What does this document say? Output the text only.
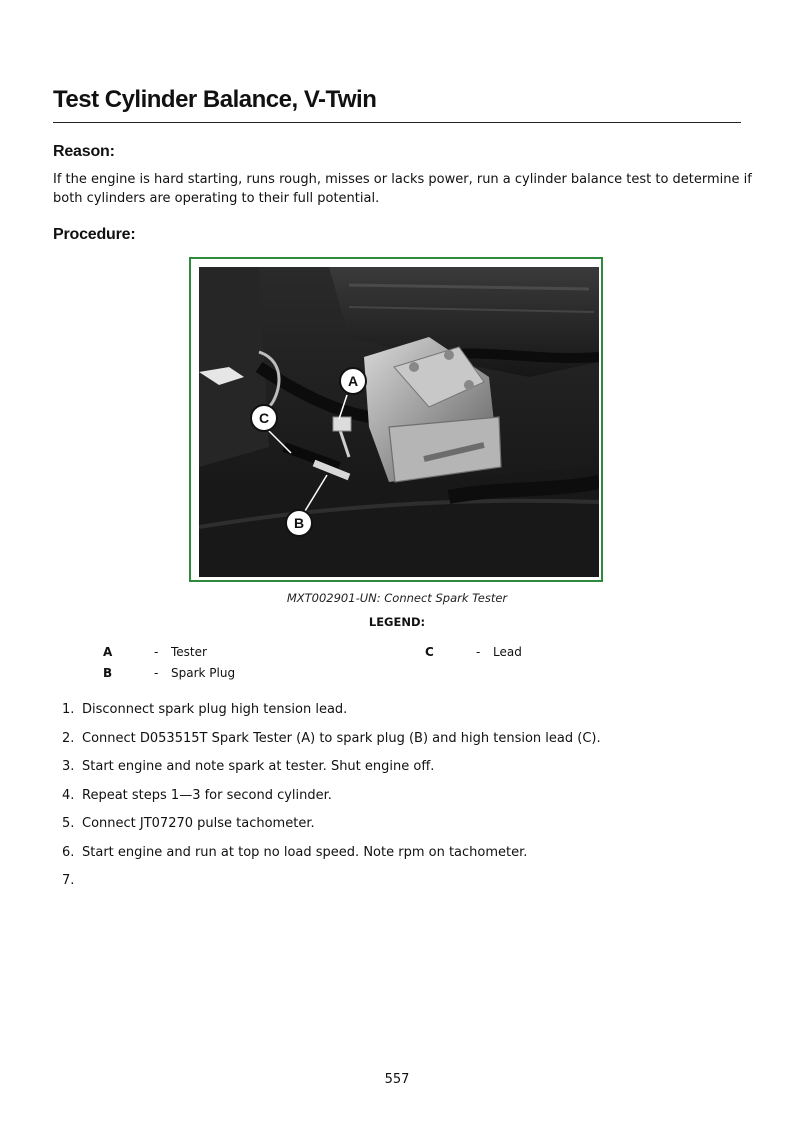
Test Cylinder Balance, V-Twin
Reason:

If the engine is hard starting, runs rough, misses or lacks power, run a cylinder balance test to determine if both cylinders are operating to their full potential.

Procedure:
A
C
B
MXT002901-UN: Connect Spark Tester
LEGEND:
A	- Tester
B	- Spark Plug
C	- Lead
1. Disconnect spark plug high tension lead.
2. Connect D053515T Spark Tester (A) to spark plug (B) and high tension lead (C).
3. Start engine and note spark at tester. Shut engine off.
4. Repeat steps 1—3 for second cylinder.
5. Connect JT07270 pulse tachometer.
6. Start engine and run at top no load speed. Note rpm on tachometer.
7.
557
